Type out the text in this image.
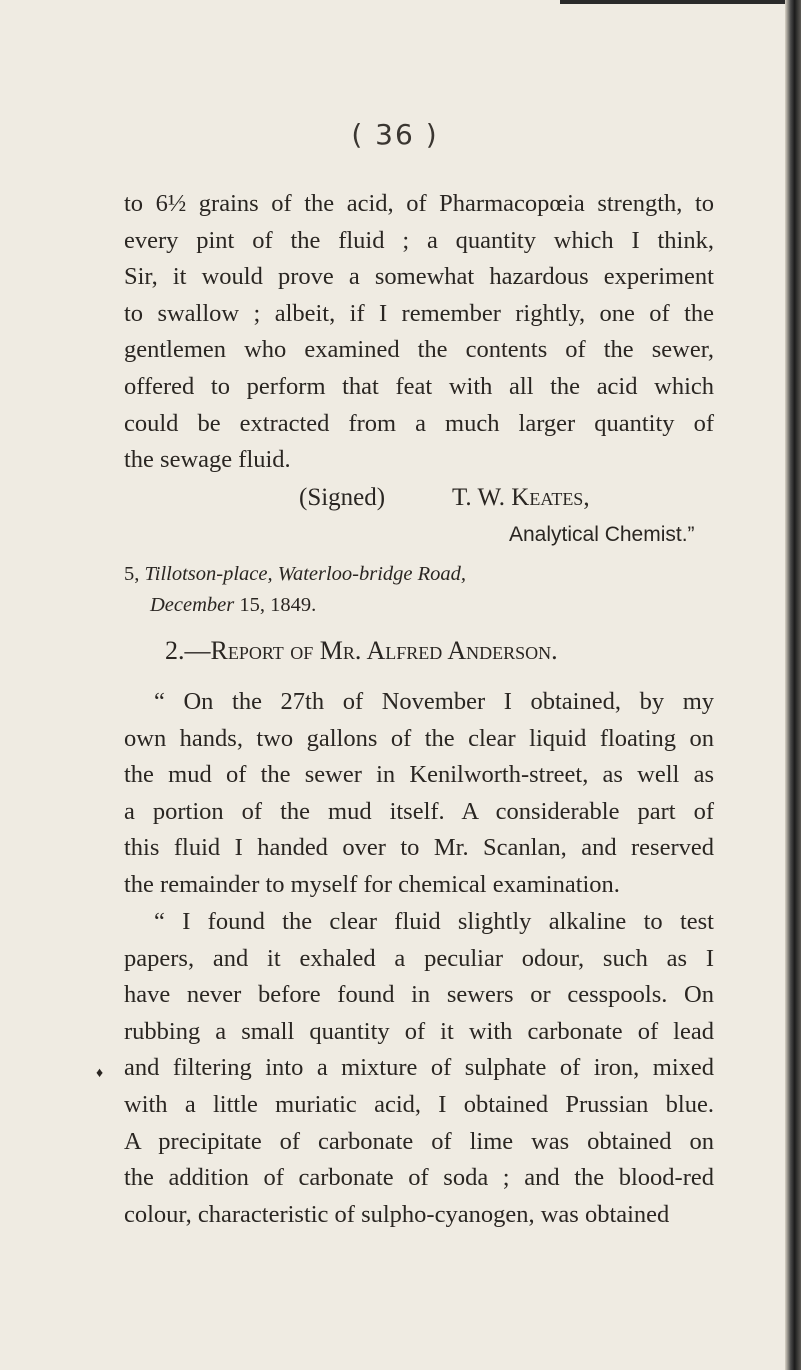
( 36 )
to 6½ grains of the acid, of Pharmacopœia strength, to
every pint of the fluid ; a quantity which I think,
Sir, it would prove a somewhat hazardous experiment
to swallow ; albeit, if I remember rightly, one of the
gentlemen who examined the contents of the sewer,
offered to perform that feat with all the acid which
could be extracted from a much larger quantity of
the sewage fluid.
(Signed)	T. W. Keates,
Analytical Chemist.”
5, Tillotson-place, Waterloo-bridge Road,
December 15, 1849.
2.—Report of Mr. Alfred Anderson.
“ On the 27th of November I obtained, by my
own hands, two gallons of the clear liquid floating on
the mud of the sewer in Kenilworth-street, as well as
a portion of the mud itself. A considerable part of
this fluid I handed over to Mr. Scanlan, and reserved
the remainder to myself for chemical examination.
“ I found the clear fluid slightly alkaline to test
papers, and it exhaled a peculiar odour, such as I
have never before found in sewers or cesspools. On
rubbing a small quantity of it with carbonate of lead
and filtering into a mixture of sulphate of iron, mixed
with a little muriatic acid, I obtained Prussian blue.
A precipitate of carbonate of lime was obtained on
the addition of carbonate of soda ; and the blood-red
colour, characteristic of sulpho-cyanogen, was obtained
♦
